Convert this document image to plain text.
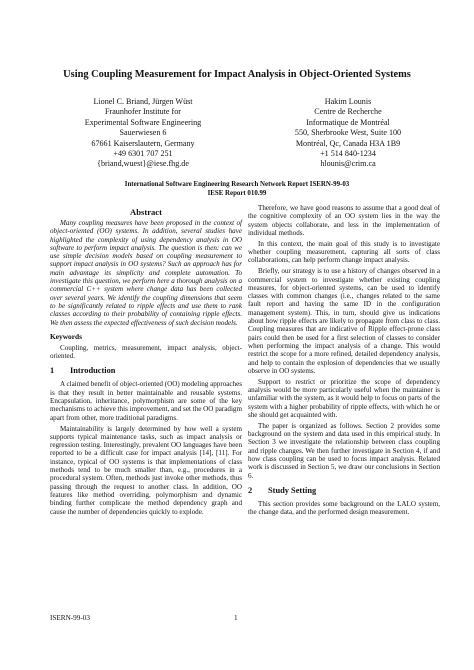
Using Coupling Measurement for Impact Analysis in Object-Oriented Systems
Lionel C. Briand, Jürgen Wüst
Fraunhofer Institute for
Experimental Software Engineering
Sauerwiesen 6
67661 Kaiserslautern, Germany
+49 6301 707 251
{briand,wuest}@iese.fhg.de
Hakim Lounis
Centre de Recherche
Informatique de Montréal
550, Sherbrooke West, Suite 100
Montréal, Qc, Canada H3A 1B9
+1 514 840-1234
hlounis@crim.ca
International Software Engineering Research Network Report ISERN-99-03
IESE Report 010.99
Abstract

Many coupling measures have been proposed in the context of object-oriented (OO) systems. In addition, several studies have highlighted the complexity of using dependency analysis in OO software to perform impact analysis. The question is then: can we use simple decision models based on coupling measurement to support impact analysis in OO systems? Such an approach has for main advantage its simplicity and complete automation. To investigate this question, we perform here a thorough analysis on a commercial C++ system where change data has been collected over several years. We identify the coupling dimensions that seem to be significantly related to ripple effects and use them to rank classes according to their probability of containing ripple effects. We then assess the expected effectiveness of such decision models.

Keywords

Coupling, metrics, measurement, impact analysis, object-oriented.

1 Introduction

A claimed benefit of object-oriented (OO) modeling approaches is that they result in better maintainable and reusable systems. Encapsulation, inheritance, polymorphism are some of the key mechanisms to achieve this improvement, and set the OO paradigm apart from other, more traditional paradigms.

Maintainability is largely determined by how well a system supports typical maintenance tasks, such as impact analysis or regression testing. Interestingly, prevalent OO languages have been reported to be a difficult case for impact analysis [14], [11]. For instance, typical of OO systems is that implementations of class methods tend to be much smaller than, e.g., procedures in a procedural system. Often, methods just invoke other methods, thus passing through the request to another class. In addition, OO features like method overriding, polymorphism and dynamic binding further complicate the method dependency graph and cause the number of dependencies quickly to explode.

Therefore, we have good reasons to assume that a good deal of the cognitive complexity of an OO system lies in the way the system objects collaborate, and less in the implementation of individual methods.

In this context, the main goal of this study is to investigate whether coupling measurement, capturing all sorts of class collaborations, can help perform change impact analysis.

Briefly, our strategy is to use a history of changes observed in a commercial system to investigate whether existing coupling measures, for object-oriented systems, can be used to identify classes with common changes (i.e., changes related to the same fault report and having the same ID in the configuration management system). This, in turn, should give us indications about how ripple effects are likely to propagate from class to class. Coupling measures that are indicative of Ripple effect-prone class pairs could then be used for a first selection of classes to consider when performing the impact analysis of a change. This would restrict the scope for a more refined, detailed dependency analysis, and help to contain the explosion of dependencies that we usually observe in OO systems.

Support to restrict or prioritize the scope of dependency analysis would be more particularly useful when the maintainer is unfamiliar with the system, as it would help to focus on parts of the system with a higher probability of ripple effects, with which he or she should get acquainted with.

The paper is organized as follows. Section 2 provides some background on the system and data used in this empirical study. In Section 3 we investigate the relationship between class coupling and ripple changes. We then further investigate in Section 4, if and how class coupling can be used to focus impact analysis. Related work is discussed in Section 5, we draw our conclusions in Section 6.

2 Study Setting

This section provides some background on the LALO system, the change data, and the performed design measurement.

ISERN-99-03	1
